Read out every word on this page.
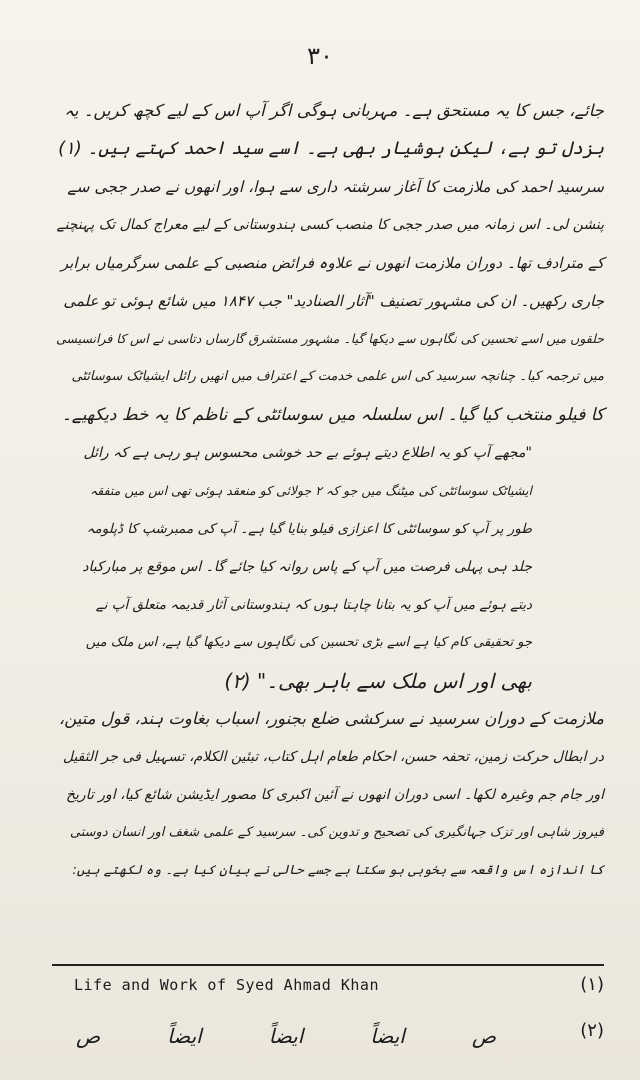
۳۰
جائے، جس کا یہ مستحق ہے۔ مہربانی ہوگی اگر آپ اس کے لیے کچھ کریں۔ یہ
بزدل تو ہے، لیکن ہوشیار بھی ہے۔ اسے سید احمد کہتے ہیں۔ (۱)
سرسید احمد کی ملازمت کا آغاز سرشتہ داری سے ہوا، اور انھوں نے صدر ججی سے
پنشن لی۔ اس زمانہ میں صدر ججی کا منصب کسی ہندوستانی کے لیے معراج کمال تک پہنچنے
کے مترادف تھا۔ دوران ملازمت انھوں نے علاوہ فرائض منصبی کے علمی سرگرمیاں برابر
جاری رکھیں۔ ان کی مشہور تصنیف "آثار الصنادید" جب ۱۸۴۷ میں شائع ہوئی تو علمی
حلقوں میں اسے تحسین کی نگاہوں سے دیکھا گیا۔ مشہور مستشرق گارساں دتاسی نے اس کا فرانسیسی
میں ترجمہ کیا۔ چنانچہ سرسید کی اس علمی خدمت کے اعتراف میں انھیں رائل ایشیاٹک سوسائٹی
کا فیلو منتخب کیا گیا۔ اس سلسلہ میں سوسائٹی کے ناظم کا یہ خط دیکھیے۔
"مجھے آپ کو یہ اطلاع دیتے ہوئے بے حد خوشی محسوس ہو رہی ہے کہ رائل
ایشیاٹک سوسائٹی کی میٹنگ میں جو کہ ۲ جولائی کو منعقد ہوئی تھی اس میں متفقہ
طور پر آپ کو سوسائٹی کا اعزازی فیلو بنایا گیا ہے۔ آپ کی ممبرشپ کا ڈپلومہ
جلد ہی پہلی فرصت میں آپ کے پاس روانہ کیا جائے گا۔ اس موقع پر مبارکباد
دیتے ہوئے میں آپ کو یہ بتانا چاہتا ہوں کہ ہندوستانی آثار قدیمہ متعلق آپ نے
جو تحقیقی کام کیا ہے اسے بڑی تحسین کی نگاہوں سے دیکھا گیا ہے، اس ملک میں
بھی اور اس ملک سے باہر بھی۔" (۲)
ملازمت کے دوران سرسید نے سرکشی ضلع بجنور، اسباب بغاوت ہند، قول متین،
در ابطال حرکت زمین، تحفہ حسن، احکام طعام اہل کتاب، تبئین الکلام، تسہیل فی جر الثقیل
اور جام جم وغیرہ لکھا۔ اسی دوران انھوں نے آئین اکبری کا مصور ایڈیشن شائع کیا، اور تاریخ
فیروز شاہی اور تزک جہانگیری کی تصحیح و تدوین کی۔ سرسید کے علمی شغف اور انسان دوستی
کا اندازہ اس واقعہ سے بخوبی ہو سکتا ہے جسے حالی نے بیان کیا ہے۔ وہ لکھتے ہیں:
Life and Work of Syed Ahmad Khan	(۱)
ص
ایضاً
ایضاً
ایضاً
ص	(۲)
